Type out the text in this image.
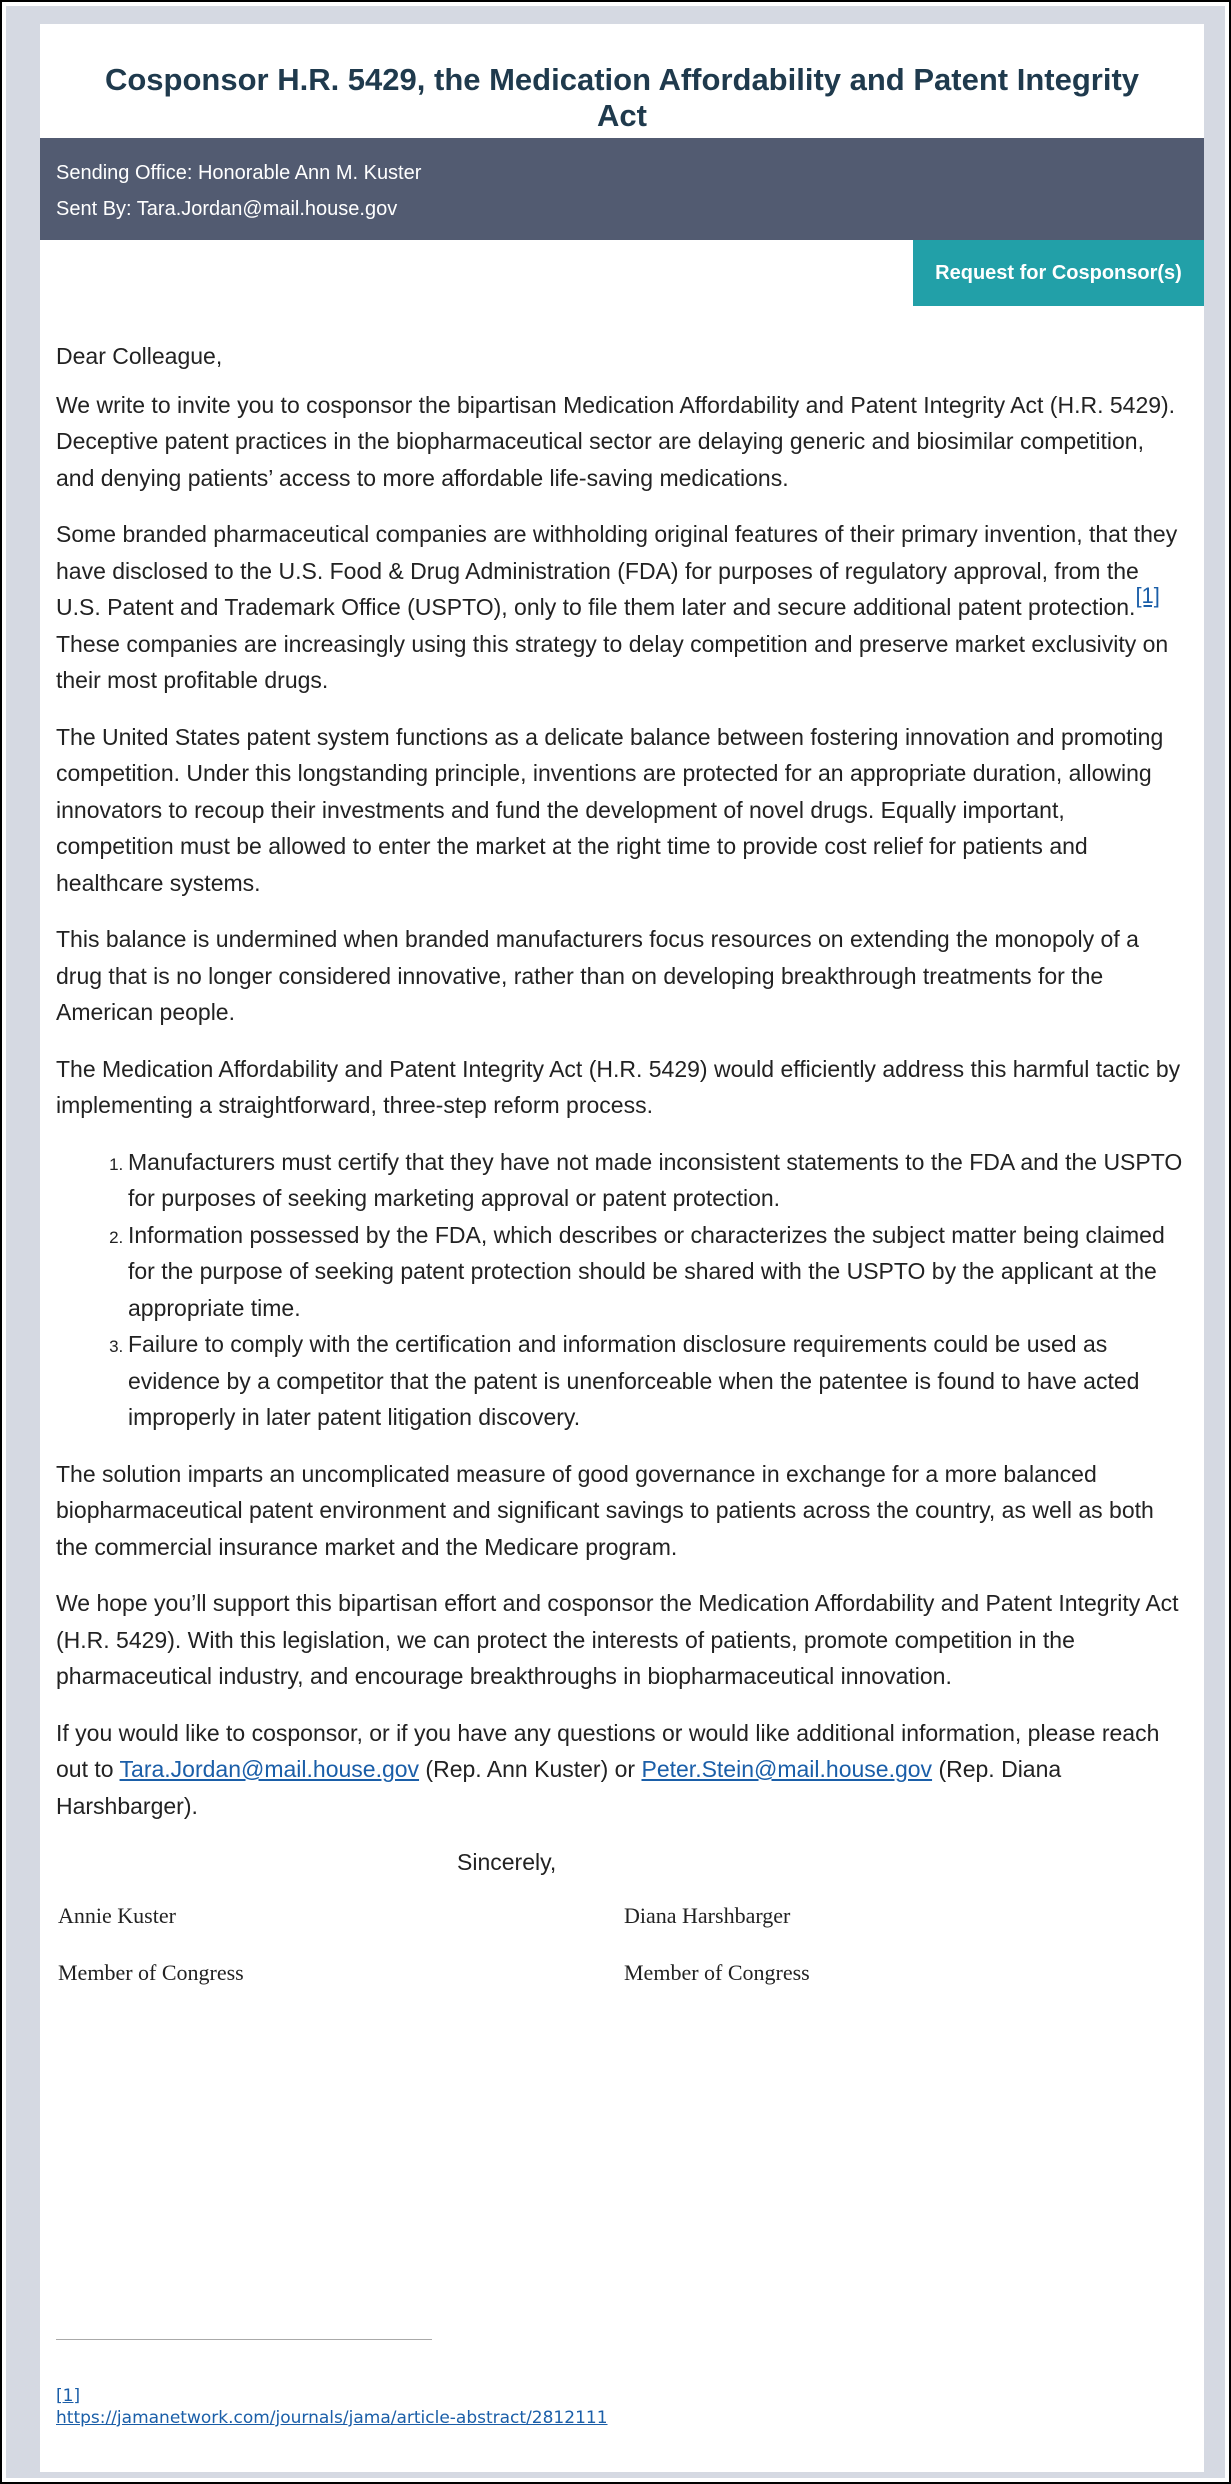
Cosponsor H.R. 5429, the Medication Affordability and Patent Integrity Act
Sending Office: Honorable Ann M. Kuster
Sent By: Tara.Jordan@mail.house.gov
Request for Cosponsor(s)

Dear Colleague,

We write to invite you to cosponsor the bipartisan Medication Affordability and Patent Integrity Act (H.R. 5429). Deceptive patent practices in the biopharmaceutical sector are delaying generic and biosimilar competition, and denying patients’ access to more affordable life-saving medications.

Some branded pharmaceutical companies are withholding original features of their primary invention, that they have disclosed to the U.S. Food & Drug Administration (FDA) for purposes of regulatory approval, from the U.S. Patent and Trademark Office (USPTO), only to file them later and secure additional patent protection.[1] These companies are increasingly using this strategy to delay competition and preserve market exclusivity on their most profitable drugs.

The United States patent system functions as a delicate balance between fostering innovation and promoting competition. Under this longstanding principle, inventions are protected for an appropriate duration, allowing innovators to recoup their investments and fund the development of novel drugs. Equally important, competition must be allowed to enter the market at the right time to provide cost relief for patients and healthcare systems.

This balance is undermined when branded manufacturers focus resources on extending the monopoly of a drug that is no longer considered innovative, rather than on developing breakthrough treatments for the American people.

The Medication Affordability and Patent Integrity Act (H.R. 5429) would efficiently address this harmful tactic by implementing a straightforward, three-step reform process.

1. Manufacturers must certify that they have not made inconsistent statements to the FDA and the USPTO for purposes of seeking marketing approval or patent protection.
2. Information possessed by the FDA, which describes or characterizes the subject matter being claimed for the purpose of seeking patent protection should be shared with the USPTO by the applicant at the appropriate time.
3. Failure to comply with the certification and information disclosure requirements could be used as evidence by a competitor that the patent is unenforceable when the patentee is found to have acted improperly in later patent litigation discovery.

The solution imparts an uncomplicated measure of good governance in exchange for a more balanced biopharmaceutical patent environment and significant savings to patients across the country, as well as both the commercial insurance market and the Medicare program.

We hope you’ll support this bipartisan effort and cosponsor the Medication Affordability and Patent Integrity Act (H.R. 5429). With this legislation, we can protect the interests of patients, promote competition in the pharmaceutical industry, and encourage breakthroughs in biopharmaceutical innovation.

If you would like to cosponsor, or if you have any questions or would like additional information, please reach out to Tara.Jordan@mail.house.gov (Rep. Ann Kuster) or Peter.Stein@mail.house.gov (Rep. Diana Harshbarger).

Sincerely,

Annie Kuster
Member of Congress
Diana Harshbarger
Member of Congress
[1]
https://jamanetwork.com/journals/jama/article-abstract/2812111
